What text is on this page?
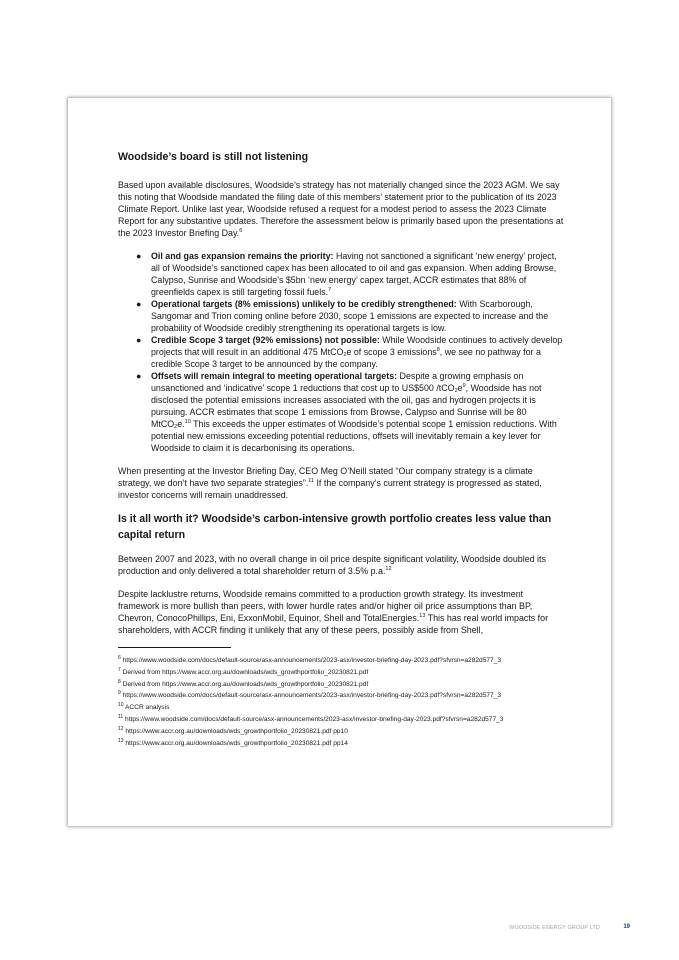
Woodside’s board is still not listening

Based upon available disclosures, Woodside’s strategy has not materially changed since the 2023 AGM. We say this noting that Woodside mandated the filing date of this members’ statement prior to the publication of its 2023 Climate Report. Unlike last year, Woodside refused a request for a modest period to assess the 2023 Climate Report for any substantive updates. Therefore the assessment below is primarily based upon the presentations at the 2023 Investor Briefing Day.$^6$

● Oil and gas expansion remains the priority: Having not sanctioned a significant ‘new energy’ project, all of Woodside’s sanctioned capex has been allocated to oil and gas expansion. When adding Browse, Calypso, Sunrise and Woodside’s $5bn ‘new energy’ capex target, ACCR estimates that 88% of greenfields capex is still targeting fossil fuels.$^7$
● Operational targets (8% emissions) unlikely to be credibly strengthened: With Scarborough, Sangomar and Trion coming online before 2030, scope 1 emissions are expected to increase and the probability of Woodside credibly strengthening its operational targets is low.
● Credible Scope 3 target (92% emissions) not possible: While Woodside continues to actively develop projects that will result in an additional 475 MtCO$_2$e of scope 3 emissions$^8$, we see no pathway for a credible Scope 3 target to be announced by the company.
● Offsets will remain integral to meeting operational targets: Despite a growing emphasis on unsanctioned and ‘indicative’ scope 1 reductions that cost up to US$500 $/tCO_2e^9$, Woodside has not disclosed the potential emissions increases associated with the oil, gas and hydrogen projects it is pursuing. ACCR estimates that scope 1 emissions from Browse, Calypso and Sunrise will be 80 MtCO$_2$e.$^{10}$ This exceeds the upper estimates of Woodside’s potential scope 1 emission reductions. With potential new emissions exceeding potential reductions, offsets will inevitably remain a key lever for Woodside to claim it is decarbonising its operations.

When presenting at the Investor Briefing Day, CEO Meg O’Neill stated “Our company strategy is a climate strategy, we don’t have two separate strategies”.$^{11}$ If the company’s current strategy is progressed as stated, investor concerns will remain unaddressed.

Is it all worth it? Woodside’s carbon-intensive growth portfolio creates less value than capital return

Between 2007 and 2023, with no overall change in oil price despite significant volatility, Woodside doubled its production and only delivered a total shareholder return of 3.5% p.a.$^{12}$

Despite lacklustre returns, Woodside remains committed to a production growth strategy. Its investment framework is more bullish than peers, with lower hurdle rates and/or higher oil price assumptions than BP, Chevron, ConocoPhillips, Eni, ExxonMobil, Equinor, Shell and TotalEnergies.$^{13}$ This has real world impacts for shareholders, with ACCR finding it unlikely that any of these peers, possibly aside from Shell,

$^6$ https://www.woodside.com/docs/default-source/asx-announcements/2023-asx/investor-briefing-day-2023.pdf?sfvrsn=a282d577_3
$^7$ Derived from https://www.accr.org.au/downloads/wds_growthportfolio_20230821.pdf
$^8$ Derived from https://www.accr.org.au/downloads/wds_growthportfolio_20230821.pdf
$^9$ https://www.woodside.com/docs/default-source/asx-announcements/2023-asx/investor-briefing-day-2023.pdf?sfvrsn=a282d577_3
$^{10}$ ACCR analysis
$^{11}$ https://www.woodside.com/docs/default-source/asx-announcements/2023-asx/investor-briefing-day-2023.pdf?sfvrsn=a282d577_3
$^{12}$ https://www.accr.org.au/downloads/wds_growthportfolio_20230821.pdf pp10
$^{13}$ https://www.accr.org.au/downloads/wds_growthportfolio_20230821.pdf pp14
WOODSIDE ENERGY GROUP LTD	19
